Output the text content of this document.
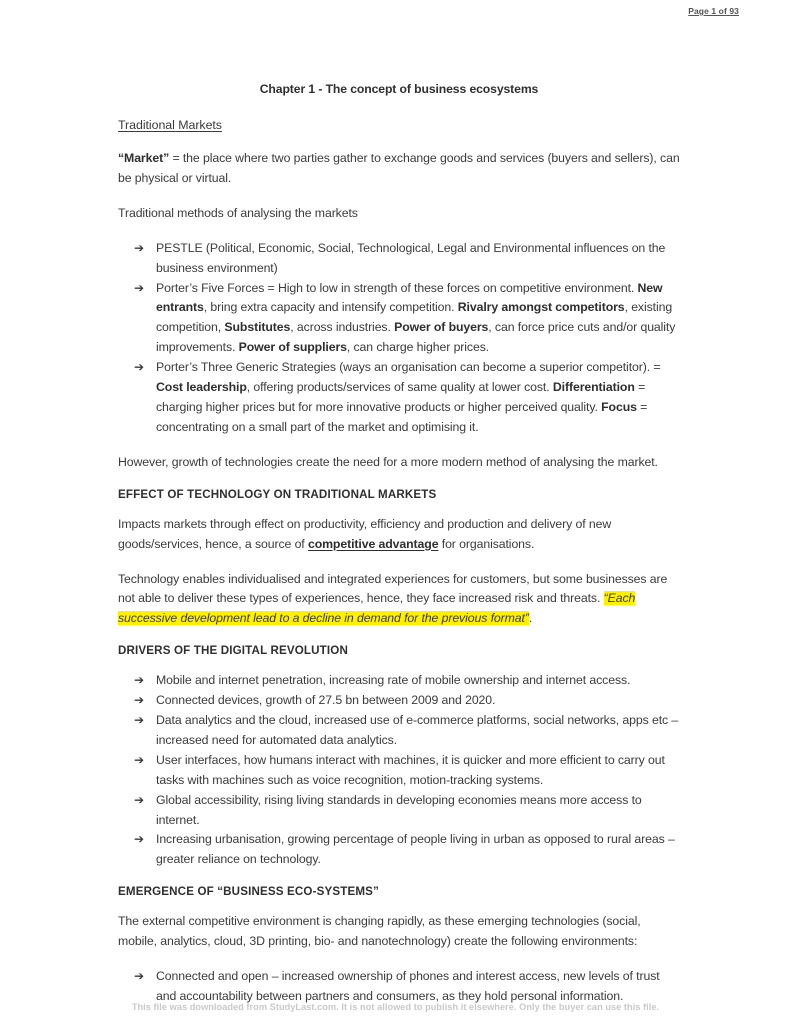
Page 1 of 93
Chapter 1 - The concept of business ecosystems
Traditional Markets

“Market” = the place where two parties gather to exchange goods and services (buyers and sellers), can be physical or virtual.

Traditional methods of analysing the markets

➔ PESTLE (Political, Economic, Social, Technological, Legal and Environmental influences on the business environment)
➔ Porter’s Five Forces = High to low in strength of these forces on competitive environment. New entrants, bring extra capacity and intensify competition. Rivalry amongst competitors, existing competition, Substitutes, across industries. Power of buyers, can force price cuts and/or quality improvements. Power of suppliers, can charge higher prices.
➔ Porter’s Three Generic Strategies (ways an organisation can become a superior competitor). = Cost leadership, offering products/services of same quality at lower cost. Differentiation = charging higher prices but for more innovative products or higher perceived quality. Focus = concentrating on a small part of the market and optimising it.

However, growth of technologies create the need for a more modern method of analysing the market.

EFFECT OF TECHNOLOGY ON TRADITIONAL MARKETS

Impacts markets through effect on productivity, efficiency and production and delivery of new goods/services, hence, a source of competitive advantage for organisations.

Technology enables individualised and integrated experiences for customers, but some businesses are not able to deliver these types of experiences, hence, they face increased risk and threats. “Each successive development lead to a decline in demand for the previous format”.

DRIVERS OF THE DIGITAL REVOLUTION
➔ Mobile and internet penetration, increasing rate of mobile ownership and internet access.
➔ Connected devices, growth of 27.5 bn between 2009 and 2020.
➔ Data analytics and the cloud, increased use of e-commerce platforms, social networks, apps etc – increased need for automated data analytics.
➔ User interfaces, how humans interact with machines, it is quicker and more efficient to carry out tasks with machines such as voice recognition, motion-tracking systems.
➔ Global accessibility, rising living standards in developing economies means more access to internet.
➔ Increasing urbanisation, growing percentage of people living in urban as opposed to rural areas – greater reliance on technology.
EMERGENCE OF “BUSINESS ECO-SYSTEMS”

The external competitive environment is changing rapidly, as these emerging technologies (social, mobile, analytics, cloud, 3D printing, bio- and nanotechnology) create the following environments:

➔ Connected and open – increased ownership of phones and interest access, new levels of trust and accountability between partners and consumers, as they hold personal information.
This file was downloaded from StudyLast.com. It is not allowed to publish it elsewhere. Only the buyer can use this file.
